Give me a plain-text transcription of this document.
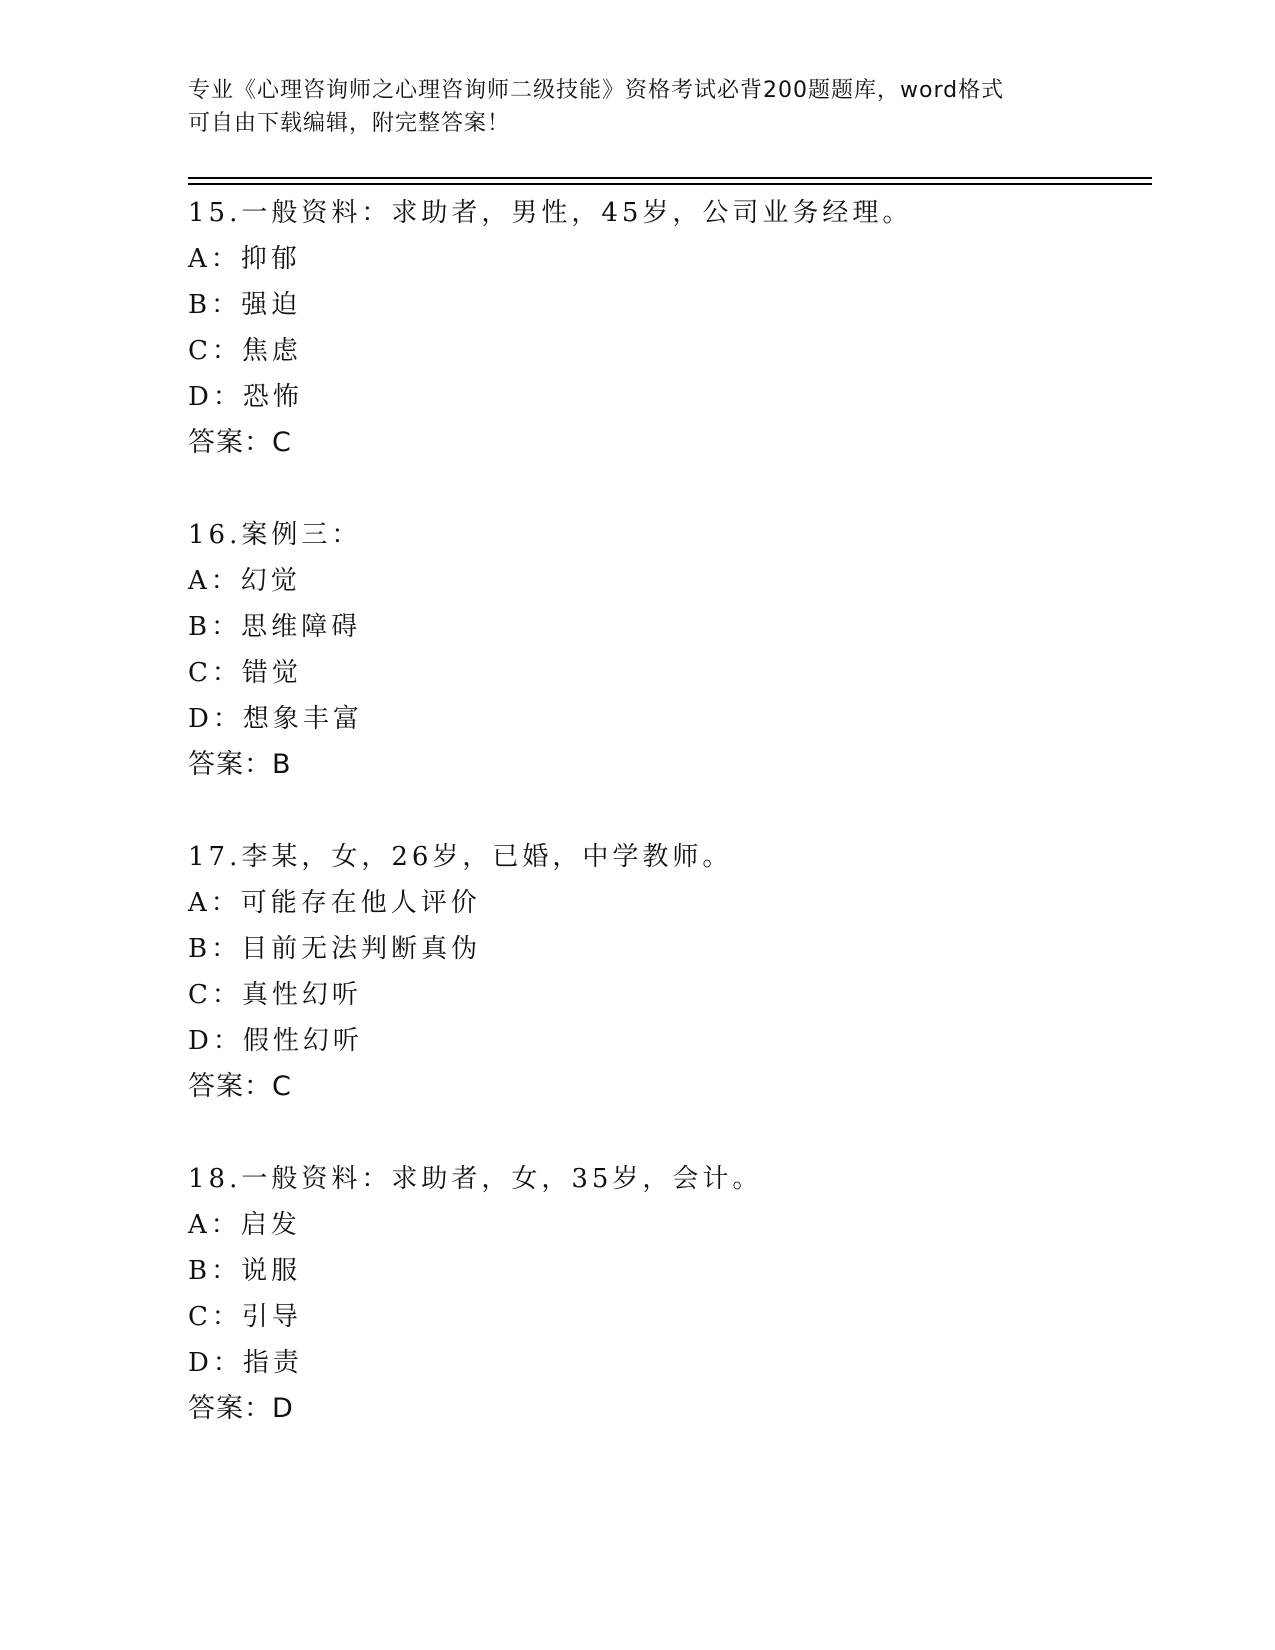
专业《心理咨询师之心理咨询师二级技能》资格考试必背200题题库，word格式
可自由下载编辑，附完整答案！
15.一般资料：求助者，男性，45岁，公司业务经理。
A：抑郁
B：强迫
C：焦虑
D：恐怖
答案：C
16.案例三：
A：幻觉
B：思维障碍
C：错觉
D：想象丰富
答案：B
17.李某，女，26岁，已婚，中学教师。
A：可能存在他人评价
B：目前无法判断真伪
C：真性幻听
D：假性幻听
答案：C
18.一般资料：求助者，女，35岁，会计。
A：启发
B：说服
C：引导
D：指责
答案：D
